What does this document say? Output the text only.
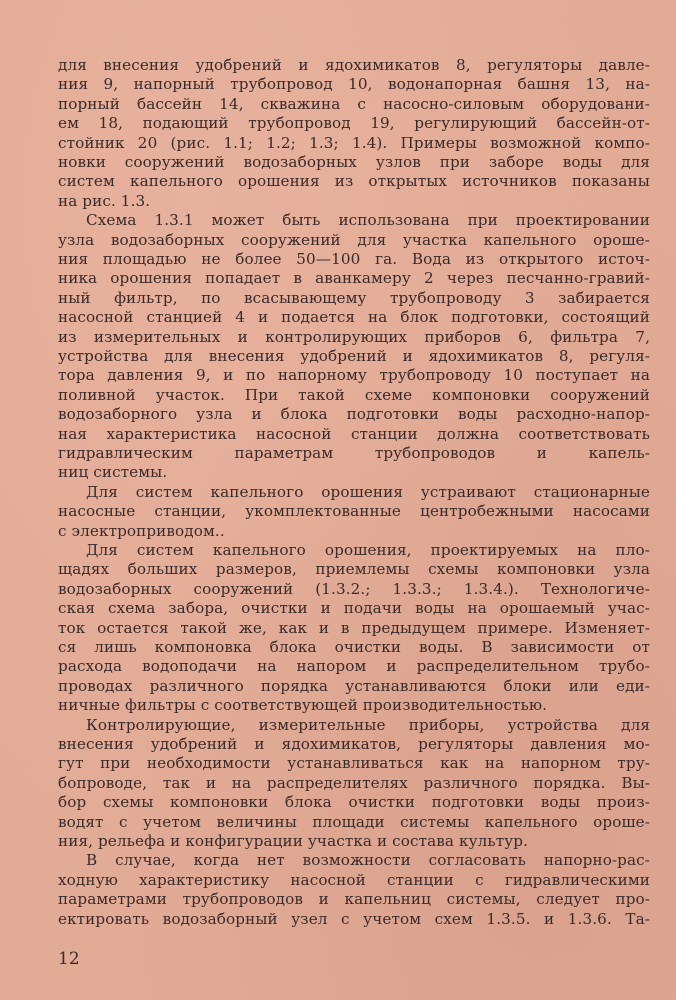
для внесения удобрений и ядохимикатов 8, регуляторы давле-

ния 9, напорный трубопровод 10, водонапорная башня 13, на-

порный бассейн 14, скважина с насосно-силовым оборудовани-

ем 18, подающий трубопровод 19, регулирующий бассейн-от-

стойник 20 (рис. 1.1; 1.2; 1.3; 1.4). Примеры возможной компо-

новки сооружений водозаборных узлов при заборе воды для

систем капельного орошения из открытых источников показаны

на рис. 1.3.

Схема 1.3.1 может быть использована при проектировании

узла водозаборных сооружений для участка капельного ороше-

ния площадью не более 50—100 га. Вода из открытого источ-

ника орошения попадает в аванкамеру 2 через песчанно-гравий-

ный фильтр, по всасывающему трубопроводу 3 забирается

насосной станцией 4 и подается на блок подготовки, состоящий

из измерительных и контролирующих приборов 6, фильтра 7,

устройства для внесения удобрений и ядохимикатов 8, регуля-

тора давления 9, и по напорному трубопроводу 10 поступает на

поливной участок. При такой схеме компоновки сооружений

водозаборного узла и блока подготовки воды расходно-напор-

ная характеристика насосной станции должна соответствовать

гидравлическим параметрам трубопроводов и капель-

ниц системы.

Для систем капельного орошения устраивают стационарные

насосные станции, укомплектованные центробежными насосами

с электроприводом..

Для систем капельного орошения, проектируемых на пло-

щадях больших размеров, приемлемы схемы компоновки узла

водозаборных сооружений (1.3.2.; 1.3.3.; 1.3.4.). Технологиче-

ская схема забора, очистки и подачи воды на орошаемый учас-

ток остается такой же, как и в предыдущем примере. Изменяет-

ся лишь компоновка блока очистки воды. В зависимости от

расхода водоподачи на напором и распределительном трубо-

проводах различного порядка устанавливаются блоки или еди-

ничные фильтры с соответствующей производительностью.

Контролирующие, измерительные приборы, устройства для

внесения удобрений и ядохимикатов, регуляторы давления мо-

гут при необходимости устанавливаться как на напорном тру-

бопроводе, так и на распределителях различного порядка. Вы-

бор схемы компоновки блока очистки подготовки воды произ-

водят с учетом величины площади системы капельного ороше-

ния, рельефа и конфигурации участка и состава культур.

В случае, когда нет возможности согласовать напорно-рас-

ходную характеристику насосной станции с гидравлическими

параметрами трубопроводов и капельниц системы, следует про-

ектировать водозаборный узел с учетом схем 1.3.5. и 1.3.6. Та-

12
